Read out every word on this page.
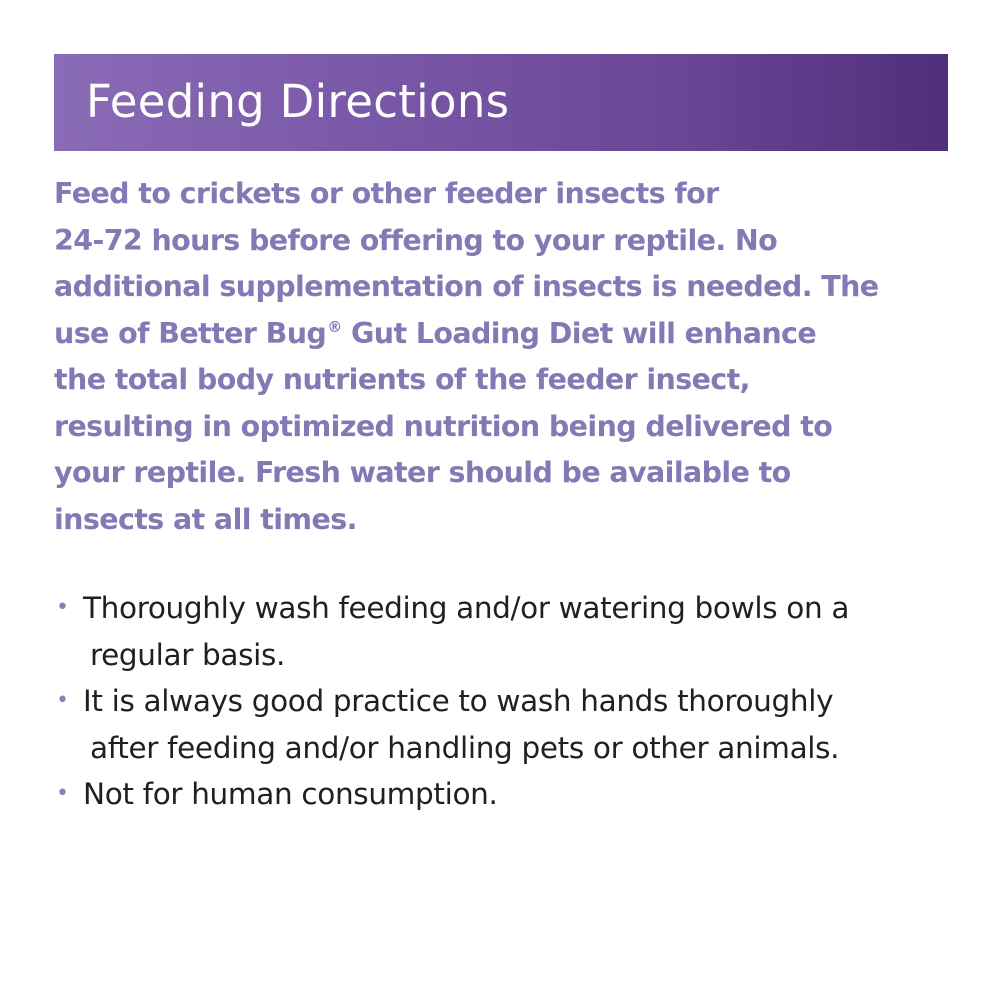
Feeding Directions

Feed to crickets or other feeder insects for
24-72 hours before offering to your reptile. No
additional supplementation of insects is needed. The
use of Better Bug® Gut Loading Diet will enhance
the total body nutrients of the feeder insect,
resulting in optimized nutrition being delivered to
your reptile. Fresh water should be available to
insects at all times.

• Thoroughly wash feeding and/or watering bowls on a
regular basis.
• It is always good practice to wash hands thoroughly
after feeding and/or handling pets or other animals.
• Not for human consumption.
